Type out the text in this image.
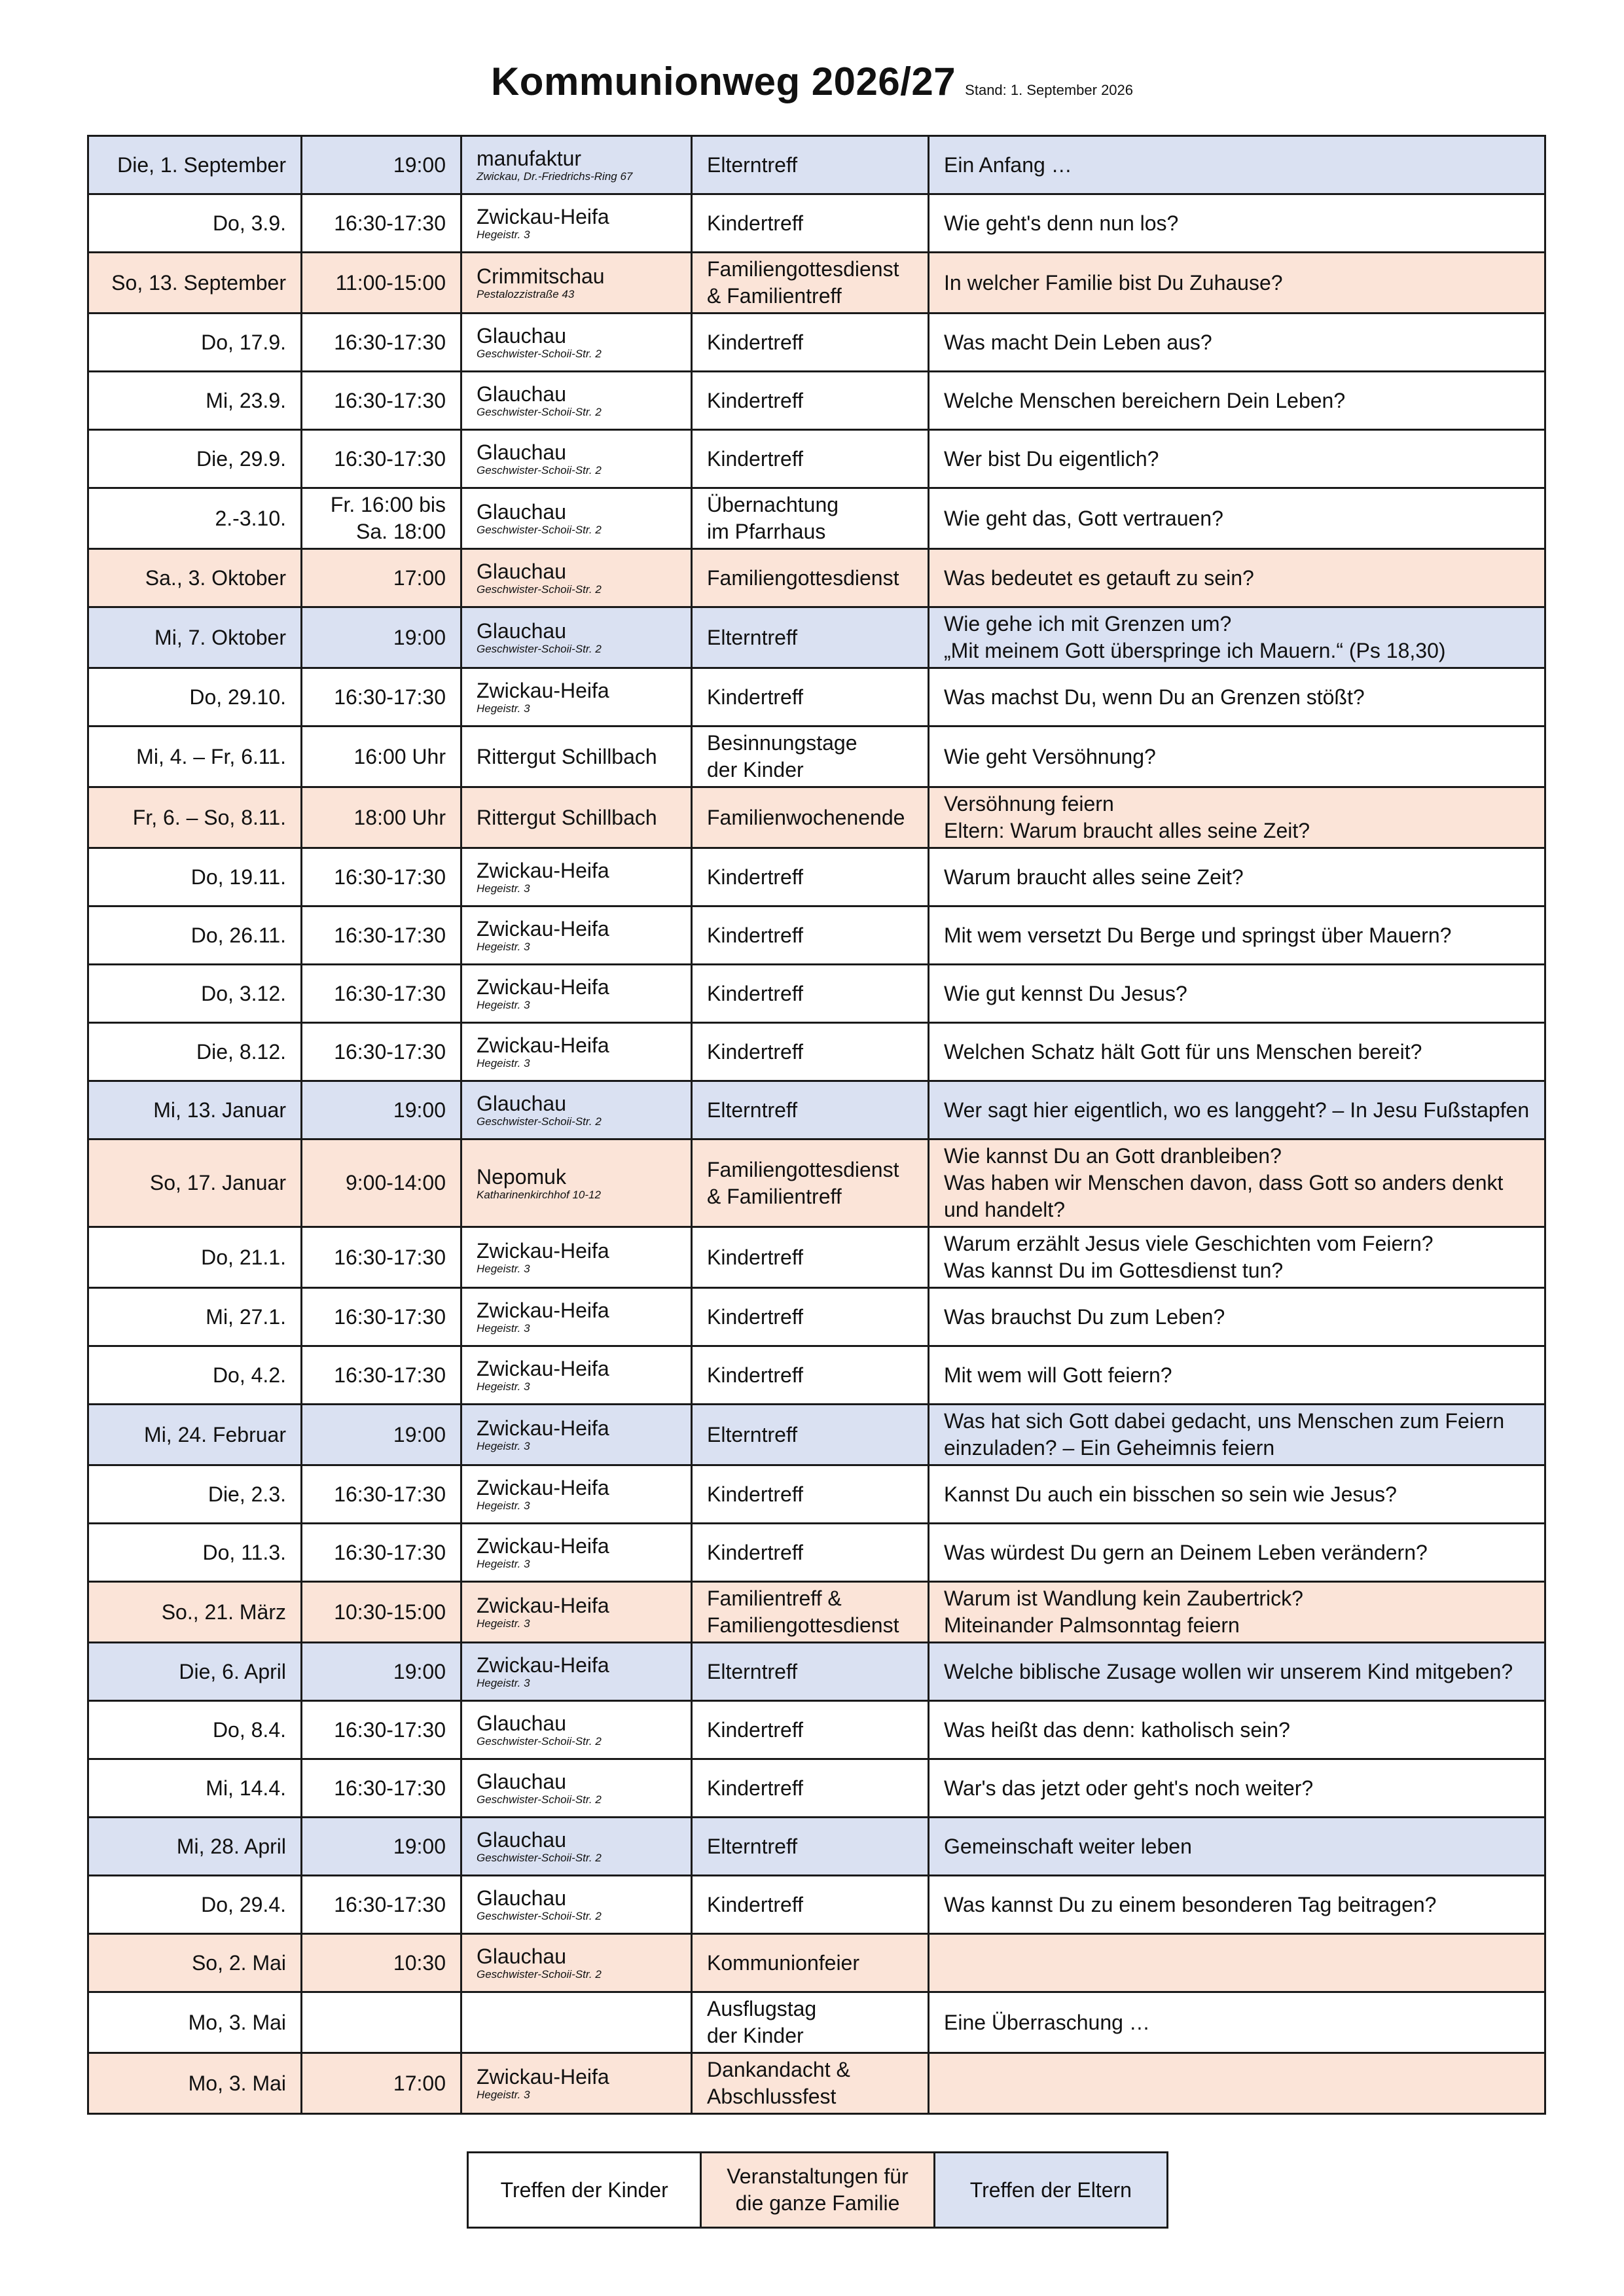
Kommunionweg 2026/27 Stand: 1. September 2026
Die, 1. September	19:00	manufaktur
Zwickau, Dr.-Friedrichs-Ring 67	Elterntreff	Ein Anfang …

Do, 3.9.	16:30-17:30	Zwickau-Heifa
Hegeistr. 3	Kindertreff	Wie geht's denn nun los?

So, 13. September	11:00-15:00	Crimmitschau
Pestalozzistraße 43	Familiengottesdienst
& Familientreff	In welcher Familie bist Du Zuhause?

Do, 17.9.	16:30-17:30	Glauchau
Geschwister-Schoii-Str. 2	Kindertreff	Was macht Dein Leben aus?

Mi, 23.9.	16:30-17:30	Glauchau
Geschwister-Schoii-Str. 2	Kindertreff	Welche Menschen bereichern Dein Leben?

Die, 29.9.	16:30-17:30	Glauchau
Geschwister-Schoii-Str. 2	Kindertreff	Wer bist Du eigentlich?

2.-3.10.	Fr. 16:00 bis
Sa. 18:00	Glauchau
Geschwister-Schoii-Str. 2	Übernachtung
im Pfarrhaus	Wie geht das, Gott vertrauen?

Sa., 3. Oktober	17:00	Glauchau
Geschwister-Schoii-Str. 2	Familiengottesdienst	Was bedeutet es getauft zu sein?

Mi, 7. Oktober	19:00	Glauchau
Geschwister-Schoii-Str. 2	Elterntreff	Wie gehe ich mit Grenzen um?
„Mit meinem Gott überspringe ich Mauern.“ (Ps 18,30)

Do, 29.10.	16:30-17:30	Zwickau-Heifa
Hegeistr. 3	Kindertreff	Was machst Du, wenn Du an Grenzen stößt?

Mi, 4. – Fr, 6.11.	16:00 Uhr	Rittergut Schillbach	Besinnungstage
der Kinder	Wie geht Versöhnung?

Fr, 6. – So, 8.11.	18:00 Uhr	Rittergut Schillbach	Familienwochenende	Versöhnung feiern
Eltern: Warum braucht alles seine Zeit?

Do, 19.11.	16:30-17:30	Zwickau-Heifa
Hegeistr. 3	Kindertreff	Warum braucht alles seine Zeit?

Do, 26.11.	16:30-17:30	Zwickau-Heifa
Hegeistr. 3	Kindertreff	Mit wem versetzt Du Berge und springst über Mauern?

Do, 3.12.	16:30-17:30	Zwickau-Heifa
Hegeistr. 3	Kindertreff	Wie gut kennst Du Jesus?

Die, 8.12.	16:30-17:30	Zwickau-Heifa
Hegeistr. 3	Kindertreff	Welchen Schatz hält Gott für uns Menschen bereit?

Mi, 13. Januar	19:00	Glauchau
Geschwister-Schoii-Str. 2	Elterntreff	Wer sagt hier eigentlich, wo es langgeht? – In Jesu Fußstapfen

So, 17. Januar	9:00-14:00	Nepomuk
Katharinenkirchhof 10-12	Familiengottesdienst
& Familientreff	Wie kannst Du an Gott dranbleiben?
Was haben wir Menschen davon, dass Gott so anders denkt
und handelt?

Do, 21.1.	16:30-17:30	Zwickau-Heifa
Hegeistr. 3	Kindertreff	Warum erzählt Jesus viele Geschichten vom Feiern?
Was kannst Du im Gottesdienst tun?

Mi, 27.1.	16:30-17:30	Zwickau-Heifa
Hegeistr. 3	Kindertreff	Was brauchst Du zum Leben?

Do, 4.2.	16:30-17:30	Zwickau-Heifa
Hegeistr. 3	Kindertreff	Mit wem will Gott feiern?

Mi, 24. Februar	19:00	Zwickau-Heifa
Hegeistr. 3	Elterntreff	Was hat sich Gott dabei gedacht, uns Menschen zum Feiern
einzuladen? – Ein Geheimnis feiern

Die, 2.3.	16:30-17:30	Zwickau-Heifa
Hegeistr. 3	Kindertreff	Kannst Du auch ein bisschen so sein wie Jesus?

Do, 11.3.	16:30-17:30	Zwickau-Heifa
Hegeistr. 3	Kindertreff	Was würdest Du gern an Deinem Leben verändern?

So., 21. März	10:30-15:00	Zwickau-Heifa
Hegeistr. 3	Familientreff &
Familiengottesdienst	Warum ist Wandlung kein Zaubertrick?
Miteinander Palmsonntag feiern

Die, 6. April	19:00	Zwickau-Heifa
Hegeistr. 3	Elterntreff	Welche biblische Zusage wollen wir unserem Kind mitgeben?

Do, 8.4.	16:30-17:30	Glauchau
Geschwister-Schoii-Str. 2	Kindertreff	Was heißt das denn: katholisch sein?

Mi, 14.4.	16:30-17:30	Glauchau
Geschwister-Schoii-Str. 2	Kindertreff	War's das jetzt oder geht's noch weiter?

Mi, 28. April	19:00	Glauchau
Geschwister-Schoii-Str. 2	Elterntreff	Gemeinschaft weiter leben

Do, 29.4.	16:30-17:30	Glauchau
Geschwister-Schoii-Str. 2	Kindertreff	Was kannst Du zu einem besonderen Tag beitragen?

So, 2. Mai	10:30	Glauchau
Geschwister-Schoii-Str. 2	Kommunionfeier	

Mo, 3. Mai			Ausflugstag
der Kinder	Eine Überraschung …

Mo, 3. Mai	17:00	Zwickau-Heifa
Hegeistr. 3	Dankandacht &
Abschlussfest	

Treffen der Kinder	Veranstaltungen für
die ganze Familie	Treffen der Eltern
